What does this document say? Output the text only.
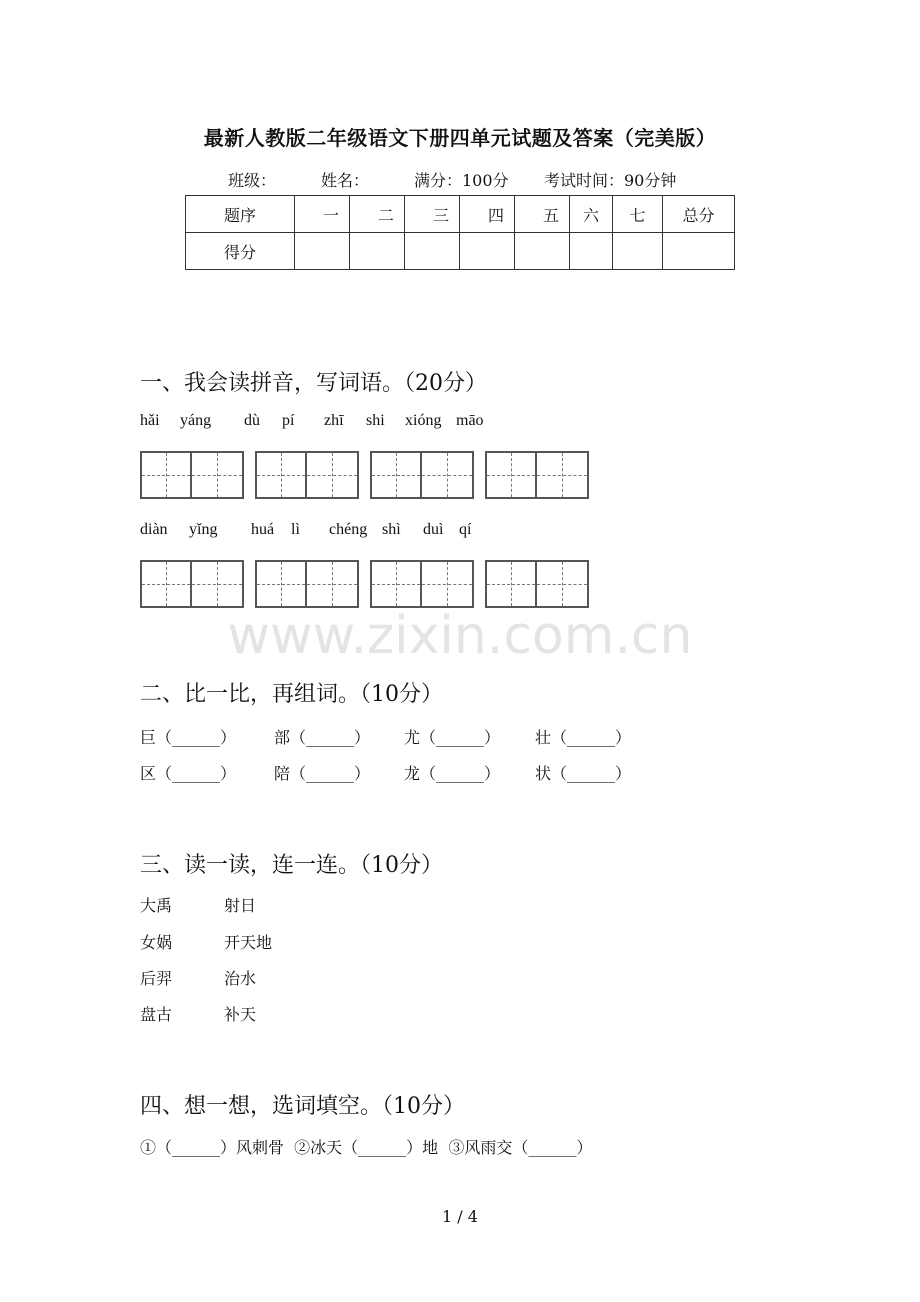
最新人教版二年级语文下册四单元试题及答案（完美版）
班级：	姓名：	满分：100分 考试时间：90分钟
题序	一	二	三	四	五	六	七	总分
得分								
一、我会读拼音，写词语。（20分）
hǎi yáng dù pí zhī shi xióng māo
diàn yǐng huá lì chéng shì duì qí
www.zixin.com.cn
二、比一比，再组词。（10分）
巨（______） 部（______） 尤（______） 壮（______）
区（______） 陪（______） 龙（______） 状（______）
三、读一读，连一连。（10分）
大禹	射日
女娲	开天地
后羿	治水
盘古	补天
四、想一想，选词填空。（10分）
①（______）风刺骨  ②冰天（______）地  ③风雨交（______）
1 / 4
